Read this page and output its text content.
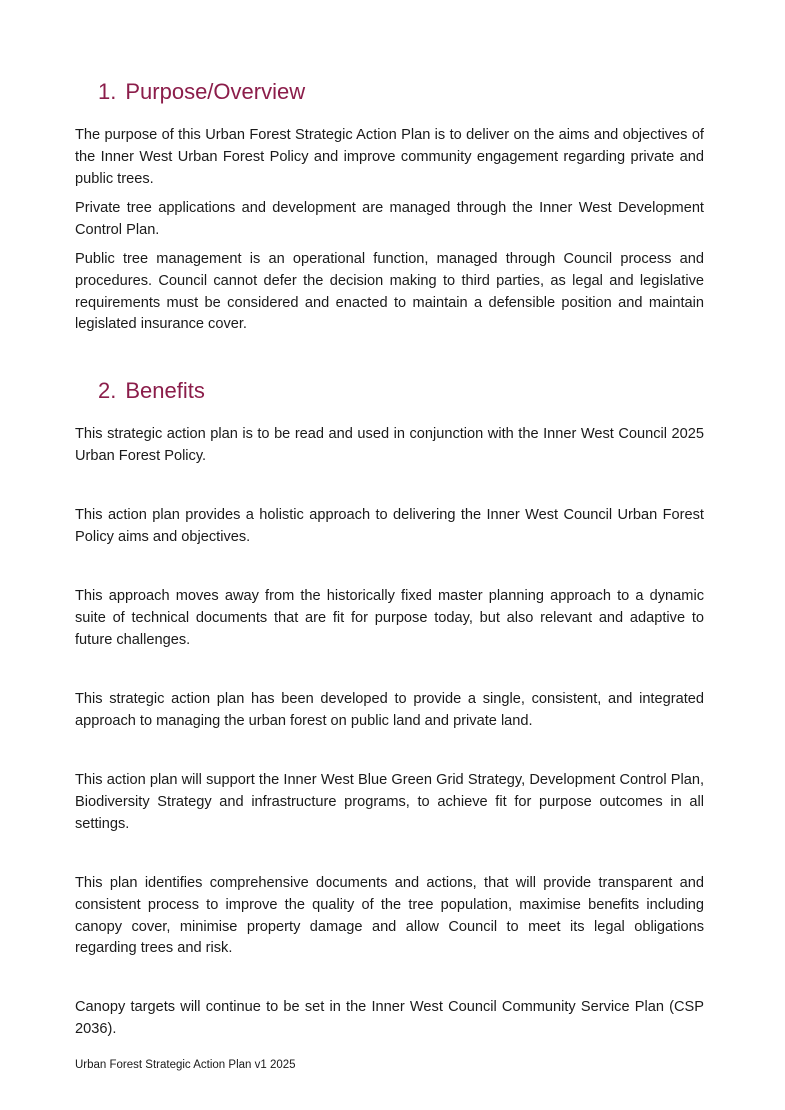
1. Purpose/Overview

The purpose of this Urban Forest Strategic Action Plan is to deliver on the aims and objectives of the Inner West Urban Forest Policy and improve community engagement regarding private and public trees.

Private tree applications and development are managed through the Inner West Development Control Plan.

Public tree management is an operational function, managed through Council process and procedures. Council cannot defer the decision making to third parties, as legal and legislative requirements must be considered and enacted to maintain a defensible position and maintain legislated insurance cover.

2. Benefits

This strategic action plan is to be read and used in conjunction with the Inner West Council 2025 Urban Forest Policy.

This action plan provides a holistic approach to delivering the Inner West Council Urban Forest Policy aims and objectives.

This approach moves away from the historically fixed master planning approach to a dynamic suite of technical documents that are fit for purpose today, but also relevant and adaptive to future challenges.

This strategic action plan has been developed to provide a single, consistent, and integrated approach to managing the urban forest on public land and private land.

This action plan will support the Inner West Blue Green Grid Strategy, Development Control Plan, Biodiversity Strategy and infrastructure programs, to achieve fit for purpose outcomes in all settings.

This plan identifies comprehensive documents and actions, that will provide transparent and consistent process to improve the quality of the tree population, maximise benefits including canopy cover, minimise property damage and allow Council to meet its legal obligations regarding trees and risk.

Canopy targets will continue to be set in the Inner West Council Community Service Plan (CSP 2036).

Urban Forest Strategic Action Plan v1 2025
